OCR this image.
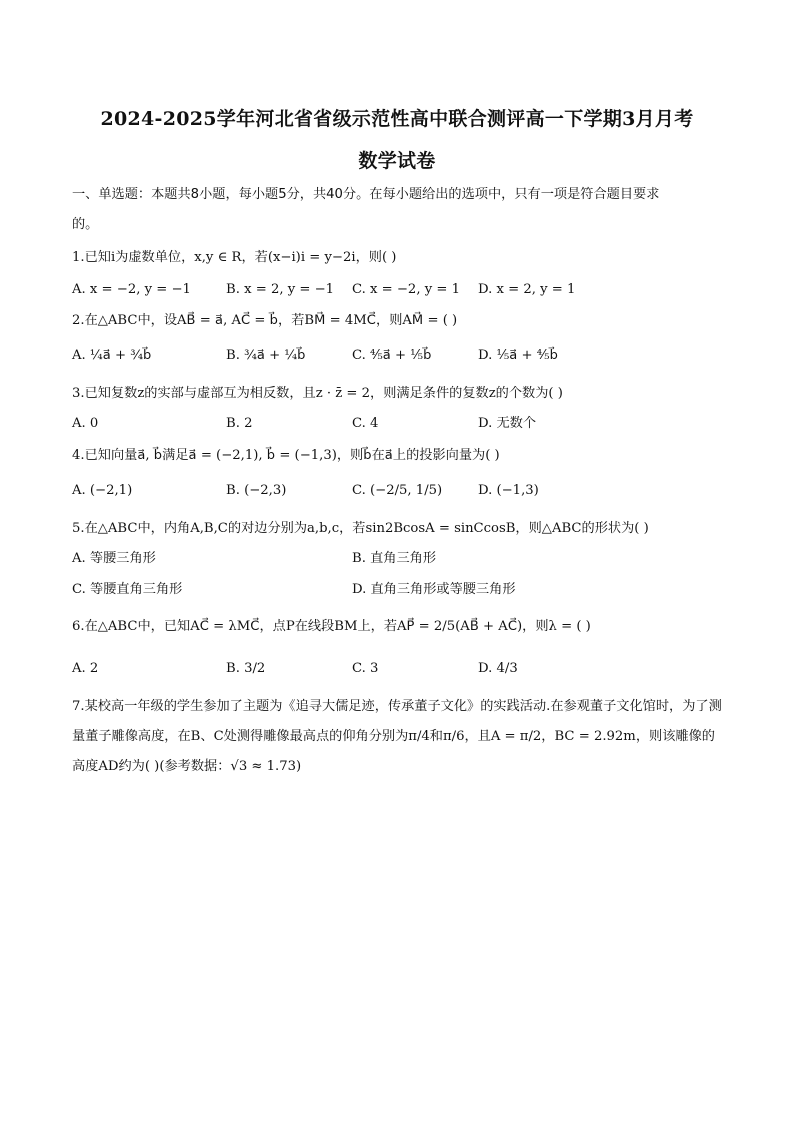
2024-2025学年河北省省级示范性高中联合测评高一下学期3月月考
数学试卷
一、单选题：本题共8小题，每小题5分，共40分。在每小题给出的选项中，只有一项是符合题目要求
的。
1.已知i为虚数单位，x,y ∈ R，若(x−i)i = y−2i，则( )
A. x = −2, y = −1	B. x = 2, y = −1 C. x = −2, y = 1 D. x = 2, y = 1
2.在△ABC中，设AB⃗ = a⃗, AC⃗ = b⃗，若BM⃗ = 4MC⃗，则AM⃗ = ( )
A. ¼a⃗ + ¾b⃗	B. ¾a⃗ + ¼b⃗	C. ⅘a⃗ + ⅕b⃗	D. ⅕a⃗ + ⅘b⃗
3.已知复数z的实部与虚部互为相反数，且z · z̄ = 2，则满足条件的复数z的个数为( )
A. 0	B. 2	C. 4	D. 无数个
4.已知向量a⃗, b⃗满足a⃗ = (−2,1), b⃗ = (−1,3)，则b⃗在a⃗上的投影向量为( )
A. (−2,1)	B. (−2,3)	C. (−2/5, 1/5)	D. (−1,3)
5.在△ABC中，内角A,B,C的对边分别为a,b,c，若sin2BcosA = sinCcosB，则△ABC的形状为( )
A. 等腰三角形	B. 直角三角形
C. 等腰直角三角形	D. 直角三角形或等腰三角形
6.在△ABC中，已知AC⃗ = λMC⃗，点P在线段BM上，若AP⃗ = 2/5(AB⃗ + AC⃗)，则λ = ( )
A. 2	B. 3/2	C. 3	D. 4/3
7.某校高一年级的学生参加了主题为《追寻大儒足迹，传承董子文化》的实践活动.在参观董子文化馆时，为了测量董子雕像高度，在B、C处测得雕像最高点的仰角分别为π/4和π/6，且A = π/2，BC = 2.92m，则该雕像的高度AD约为( )(参考数据：√3 ≈ 1.73)
